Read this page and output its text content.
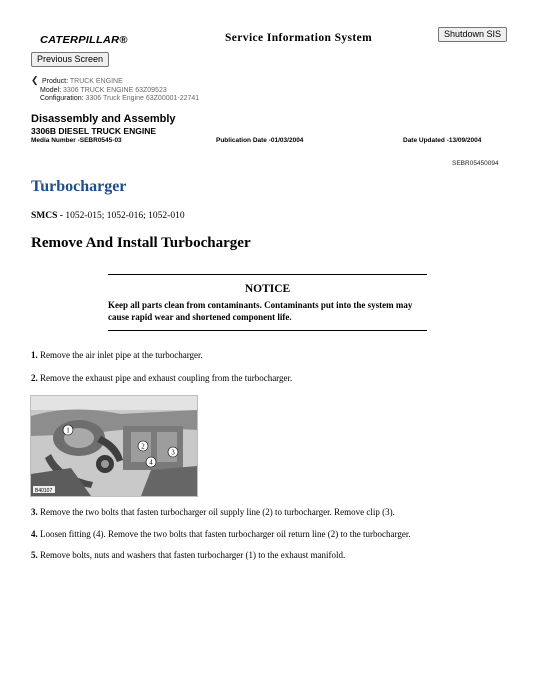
CATERPILLAR®	Service Information System	Shutdown SIS
Previous Screen
❮ Product: TRUCK ENGINE
Model: 3306 TRUCK ENGINE 63Z09523
Configuration: 3306 Truck Engine 63Z00001-22741
Disassembly and Assembly
3306B DIESEL TRUCK ENGINE
Media Number -SEBR0545-03	Publication Date -01/03/2004	Date Updated -13/09/2004
SEBR05450094
Turbocharger
SMCS - 1052-015; 1052-016; 1052-010
Remove And Install Turbocharger
NOTICE
Keep all parts clean from contaminants. Contaminants put into the system may cause rapid wear and shortened component life.
1. Remove the air inlet pipe at the turbocharger.
2. Remove the exhaust pipe and exhaust coupling from the turbocharger.
B40107
1
2
3
4
3. Remove the two bolts that fasten turbocharger oil supply line (2) to turbocharger. Remove clip (3).
4. Loosen fitting (4). Remove the two bolts that fasten turbocharger oil return line (2) to the turbocharger.
5. Remove bolts, nuts and washers that fasten turbocharger (1) to the exhaust manifold.
